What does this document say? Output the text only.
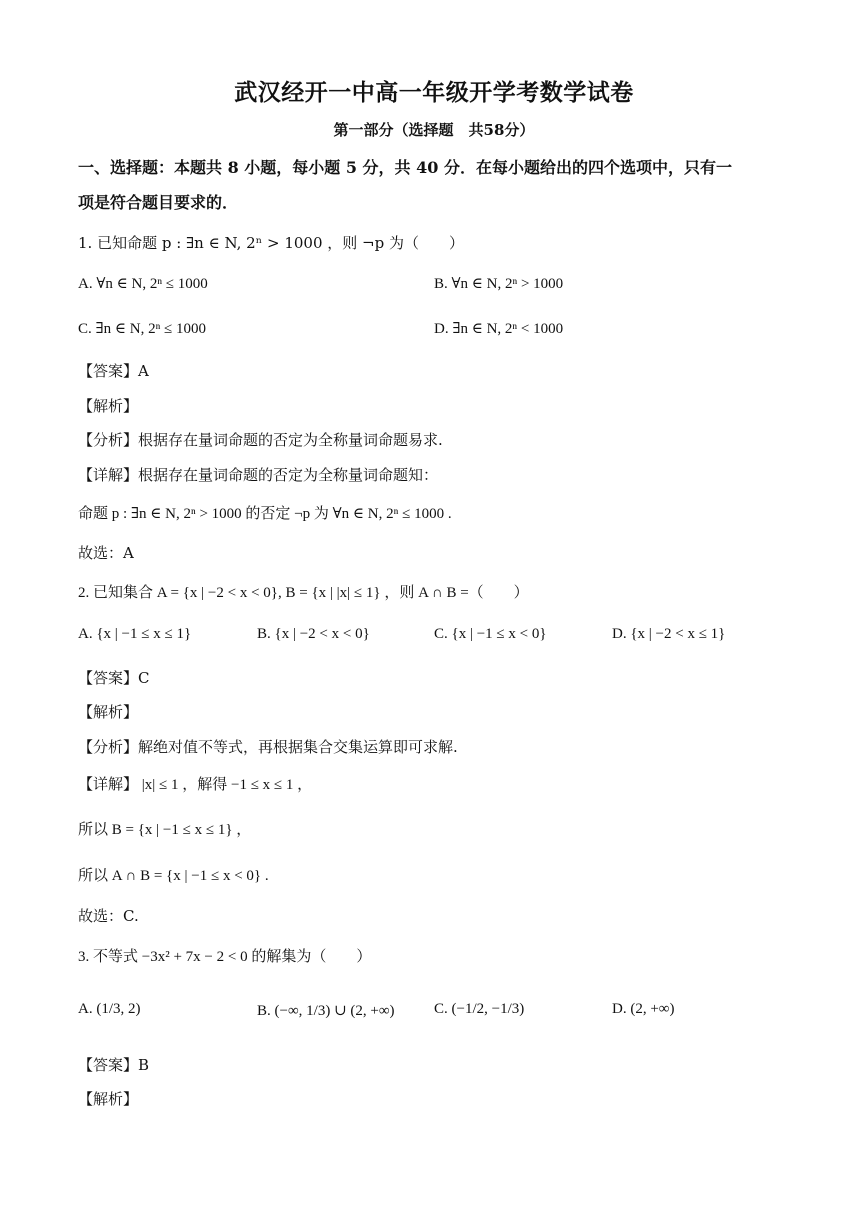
武汉经开一中高一年级开学考数学试卷
第一部分（选择题　共58分）
一、选择题：本题共 8 小题，每小题 5 分，共 40 分．在每小题给出的四个选项中，只有一
项是符合题目要求的．
1. 已知命题 p : ∃n ∈ N, 2ⁿ > 1000 ，则 ¬p 为（　　）
A. ∀n ∈ N, 2ⁿ ≤ 1000	B. ∀n ∈ N, 2ⁿ > 1000
C. ∃n ∈ N, 2ⁿ ≤ 1000	D. ∃n ∈ N, 2ⁿ < 1000
【答案】A
【解析】
【分析】根据存在量词命题的否定为全称量词命题易求.
【详解】根据存在量词命题的否定为全称量词命题知：
命题 p : ∃n ∈ N, 2ⁿ > 1000 的否定 ¬p 为 ∀n ∈ N, 2ⁿ ≤ 1000 .
故选：A
2. 已知集合 A = {x | −2 < x < 0}, B = {x | |x| ≤ 1} ，则 A ∩ B =（　　）
A. {x | −1 ≤ x ≤ 1}	B. {x | −2 < x < 0}	C. {x | −1 ≤ x < 0}	D. {x | −2 < x ≤ 1}
【答案】C
【解析】
【分析】解绝对值不等式，再根据集合交集运算即可求解.
【详解】 |x| ≤ 1 ，解得 −1 ≤ x ≤ 1 ，
所以 B = {x | −1 ≤ x ≤ 1} ，
所以 A ∩ B = {x | −1 ≤ x < 0} .
故选：C.
3. 不等式 −3x² + 7x − 2 < 0 的解集为（　　）
A. (1/3, 2)	B. (−∞, 1/3) ∪ (2, +∞)	C. (−1/2, −1/3)	D. (2, +∞)
【答案】B
【解析】
